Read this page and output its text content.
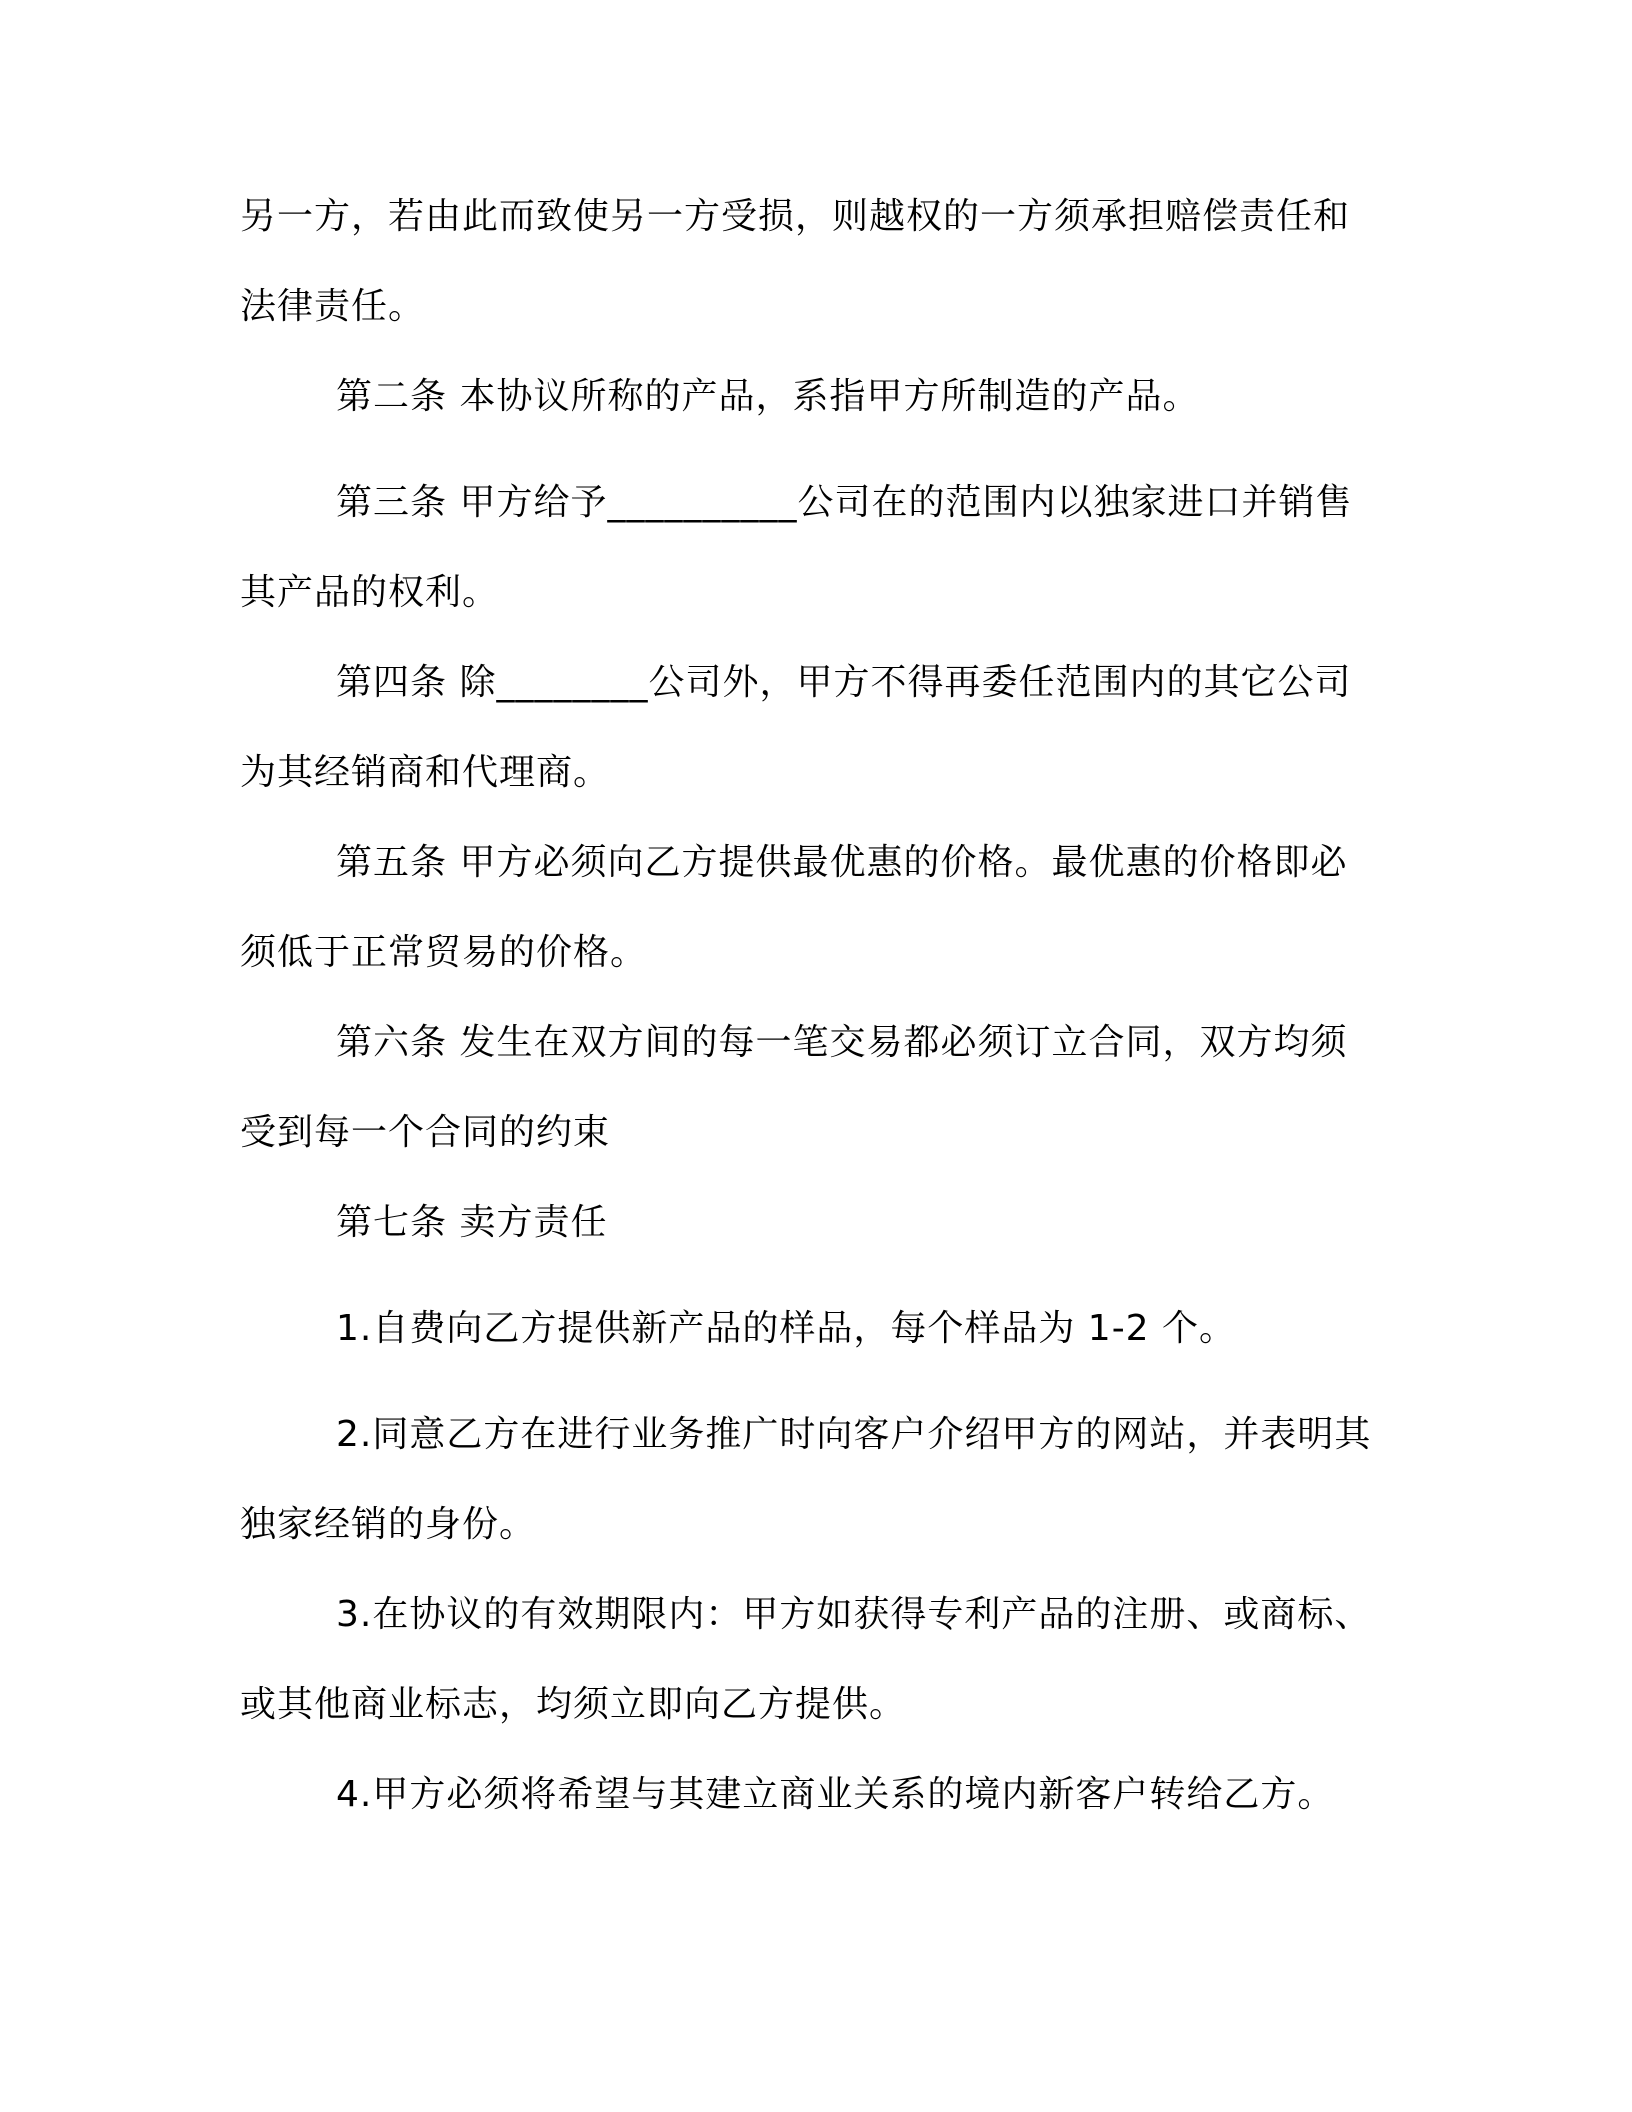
另一方，若由此而致使另一方受损，则越权的一方须承担赔偿责任和法律责任。

第二条 本协议所称的产品，系指甲方所制造的产品。

第三条 甲方给予__________公司在的范围内以独家进口并销售其产品的权利。

第四条 除________公司外，甲方不得再委任范围内的其它公司为其经销商和代理商。

第五条 甲方必须向乙方提供最优惠的价格。最优惠的价格即必须低于正常贸易的价格。

第六条 发生在双方间的每一笔交易都必须订立合同，双方均须受到每一个合同的约束

第七条 卖方责任

1.自费向乙方提供新产品的样品，每个样品为 1-2 个。

2.同意乙方在进行业务推广时向客户介绍甲方的网站，并表明其独家经销的身份。

3.在协议的有效期限内：甲方如获得专利产品的注册、或商标、或其他商业标志，均须立即向乙方提供。

4.甲方必须将希望与其建立商业关系的境内新客户转给乙方。
